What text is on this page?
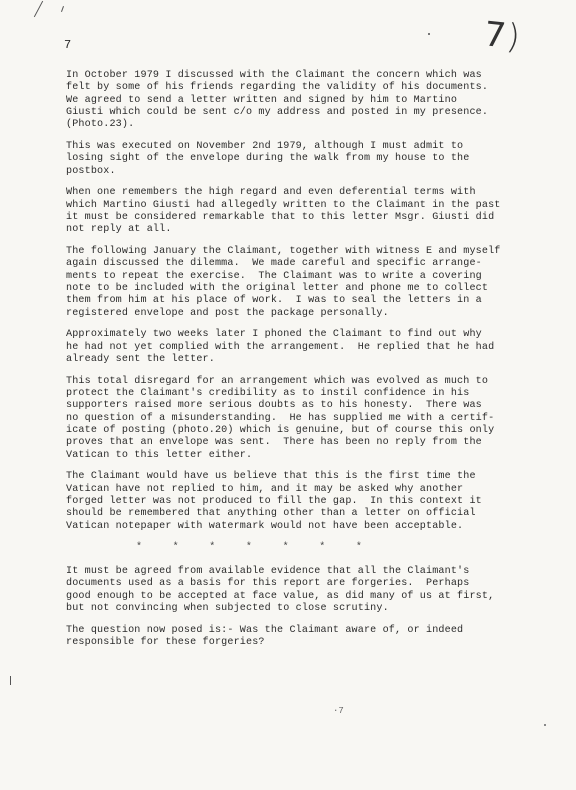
7	7)

In October 1979 I discussed with the Claimant the concern which was
felt by some of his friends regarding the validity of his documents.
We agreed to send a letter written and signed by him to Martino
Giusti which could be sent c/o my address and posted in my presence.
(Photo.23).

This was executed on November 2nd 1979, although I must admit to
losing sight of the envelope during the walk from my house to the
postbox.

When one remembers the high regard and even deferential terms with
which Martino Giusti had allegedly written to the Claimant in the past
it must be considered remarkable that to this letter Msgr. Giusti did
not reply at all.

The following January the Claimant, together with witness E and myself
again discussed the dilemma.  We made careful and specific arrange-
ments to repeat the exercise.  The Claimant was to write a covering
note to be included with the original letter and phone me to collect
them from him at his place of work.  I was to seal the letters in a
registered envelope and post the package personally.

Approximately two weeks later I phoned the Claimant to find out why
he had not yet complied with the arrangement.  He replied that he had
already sent the letter.

This total disregard for an arrangement which was evolved as much to
protect the Claimant's credibility as to instil confidence in his
supporters raised more serious doubts as to his honesty.  There was
no question of a misunderstanding.  He has supplied me with a certif-
icate of posting (photo.20) which is genuine, but of course this only
proves that an envelope was sent.  There has been no reply from the
Vatican to this letter either.

The Claimant would have us believe that this is the first time the
Vatican have not replied to him, and it may be asked why another
forged letter was not produced to fill the gap.  In this context it
should be remembered that anything other than a letter on official
Vatican notepaper with watermark would not have been acceptable.

*	*	*	*	*	*	*

It must be agreed from available evidence that all the Claimant's
documents used as a basis for this report are forgeries.  Perhaps
good enough to be accepted at face value, as did many of us at first,
but not convincing when subjected to close scrutiny.

The question now posed is:- Was the Claimant aware of, or indeed
responsible for these forgeries?

·7
